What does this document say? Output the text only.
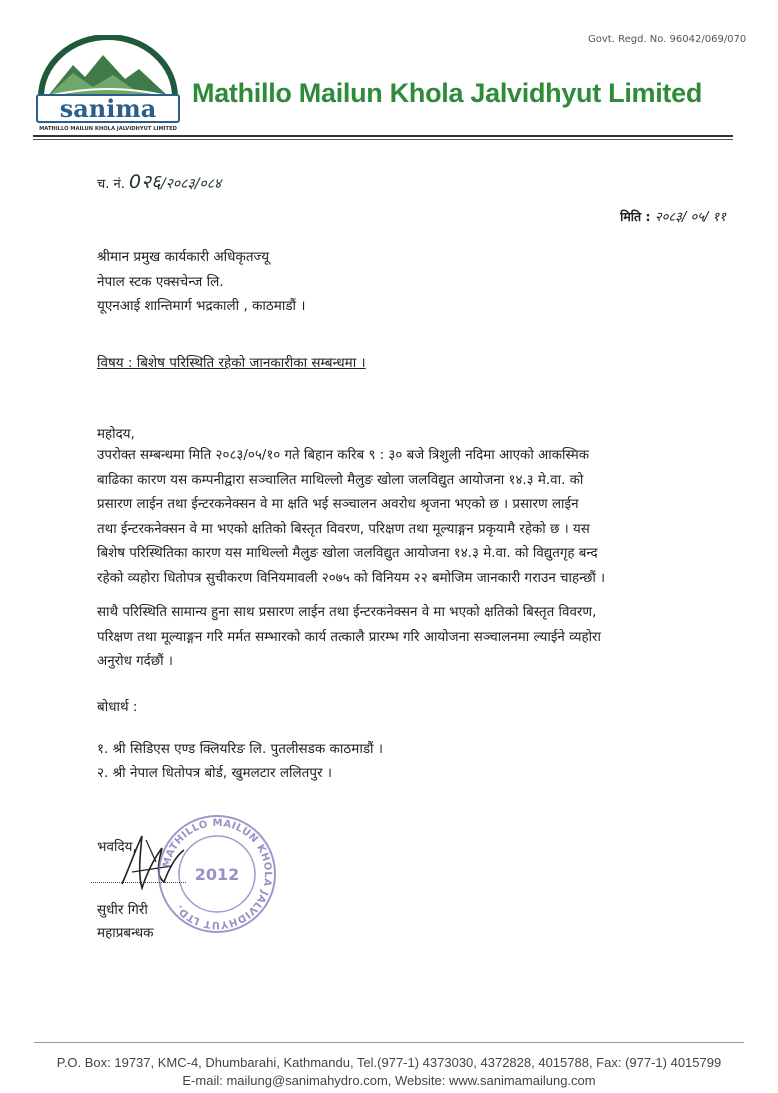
Govt. Regd. No. 96042/069/070
sanima
MATHILLO MAILUN KHOLA JALVIDHYUT LIMITED
Mathillo Mailun Khola Jalvidhyut Limited
च. नं. 0२६/२०८३/०८४
मिति : २०८३/ ०५/ ११
श्रीमान प्रमुख कार्यकारी अधिकृतज्यू
नेपाल स्टक एक्सचेन्ज लि.
यूएनआई शान्तिमार्ग भद्रकाली , काठमाडौं ।
विषय : बिशेष परिस्थिति रहेको जानकारीका सम्बन्धमा ।
महोदय,
उपरोक्त सम्बन्धमा मिति २०८३/०५/१० गते बिहान करिब ९ : ३० बजे त्रिशुली नदिमा आएको आकस्मिक
बाढिका कारण यस कम्पनीद्वारा सञ्चालित माथिल्लो मैलुङ खोला जलविद्युत आयोजना १४.३ मे.वा. को
प्रसारण लाईन तथा ईन्टरकनेक्सन वे मा क्षति भई सञ्चालन अवरोध श्रृजना भएको छ । प्रसारण लाईन
तथा ईन्टरकनेक्सन वे मा भएको क्षतिको बिस्तृत विवरण, परिक्षण तथा मूल्याङ्गन प्रकृयामै रहेको छ । यस
बिशेष परिस्थितिका कारण यस माथिल्लो मैलुङ खोला जलविद्युत आयोजना १४.३ मे.वा. को विद्युतगृह बन्द
रहेको व्यहोरा धितोपत्र सुचीकरण विनियमावली २०७५ को विनियम २२ बमोजिम जानकारी गराउन चाहन्छौं ।
साथै परिस्थिति सामान्य हुना साथ प्रसारण लाईन तथा ईन्टरकनेक्सन वे मा भएको क्षतिको बिस्तृत विवरण,
परिक्षण तथा मूल्याङ्गन गरि मर्मत सम्भारको कार्य तत्कालै प्रारम्भ गरि आयोजना सञ्चालनमा ल्याईने व्यहोरा
अनुरोध गर्दछौं ।
बोधार्थ :
१. श्री सिडिएस एण्ड क्लियरिङ लि. पुतलीसडक काठमाडौं ।
२. श्री नेपाल धितोपत्र बोर्ड, खुमलटार ललितपुर ।
भवदिय,
MATHILLO MAILUN KHOLA JALVIDHYUT LTD.
2012
सुधीर गिरी
महाप्रबन्धक
P.O. Box: 19737, KMC-4, Dhumbarahi, Kathmandu, Tel.(977-1) 4373030, 4372828, 4015788, Fax: (977-1) 4015799
E-mail: mailung@sanimahydro.com, Website: www.sanimamailung.com
